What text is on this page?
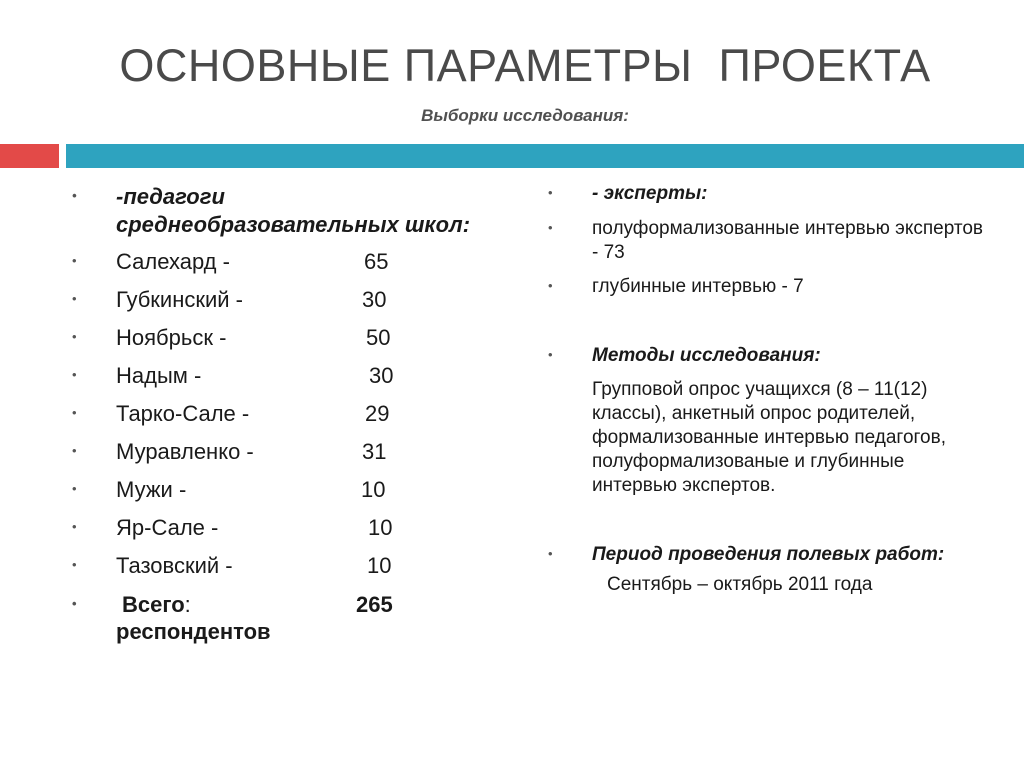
ОСНОВНЫЕ ПАРАМЕТРЫ  ПРОЕКТА
Выборки исследования:
•	-педагоги среднеобразовательных школ:
•	Салехард -	65
•	Губкинский -	30
•	Ноябрьск -	50
•	Надым -	30
•	Тарко-Сале -	29
•	Муравленко -	31
•	Мужи -	10
•	Яр-Сале -	10
•	Тазовский -	10
•	Всего:	265
респондентов
•	- эксперты:
•	полуформализованные интервью экспертов - 73
•	глубинные интервью - 7
•	Методы исследования:
Групповой опрос учащихся (8 – 11(12) классы), анкетный опрос родителей, формализованные интервью педагогов, полуформализованые и глубинные интервью экспертов.
•	Период проведения полевых работ:
Сентябрь – октябрь 2011 года
